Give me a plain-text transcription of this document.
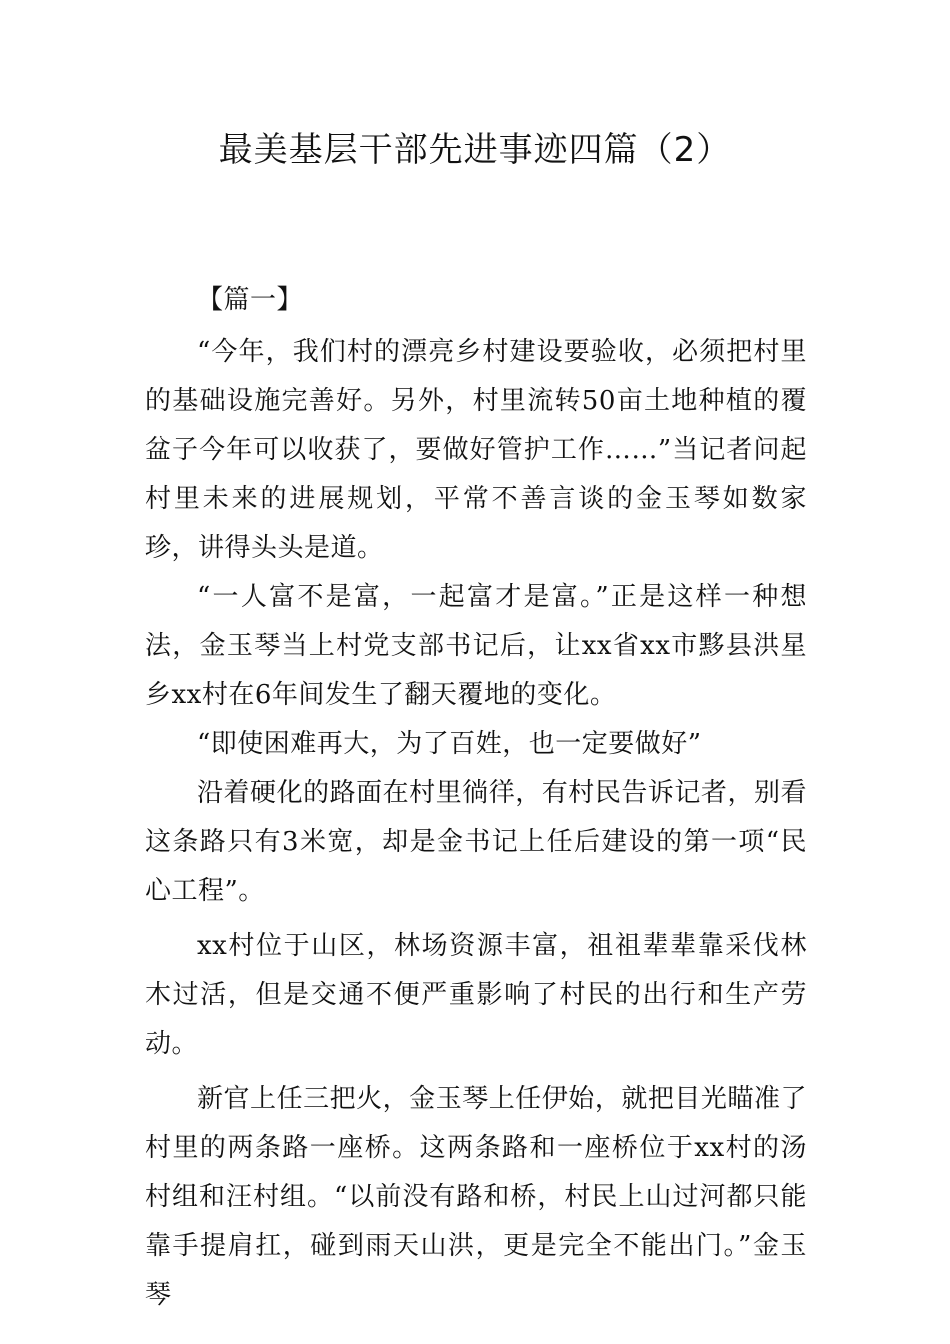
最美基层干部先进事迹四篇（2）

【篇一】

“今年，我们村的漂亮乡村建设要验收，必须把村里的基础设施完善好。另外，村里流转50亩土地种植的覆盆子今年可以收获了，要做好管护工作……”当记者问起村里未来的进展规划，平常不善言谈的金玉琴如数家珍，讲得头头是道。

“一人富不是富，一起富才是富。”正是这样一种想法，金玉琴当上村党支部书记后，让xx省xx市黟县洪星乡xx村在6年间发生了翻天覆地的变化。

“即使困难再大，为了百姓，也一定要做好”

沿着硬化的路面在村里徜徉，有村民告诉记者，别看这条路只有3米宽，却是金书记上任后建设的第一项“民心工程”。

xx村位于山区，林场资源丰富，祖祖辈辈靠采伐林木过活，但是交通不便严重影响了村民的出行和生产劳动。

新官上任三把火，金玉琴上任伊始，就把目光瞄准了村里的两条路一座桥。这两条路和一座桥位于xx村的汤村组和汪村组。“以前没有路和桥，村民上山过河都只能靠手提肩扛，碰到雨天山洪，更是完全不能出门。”金玉琴
